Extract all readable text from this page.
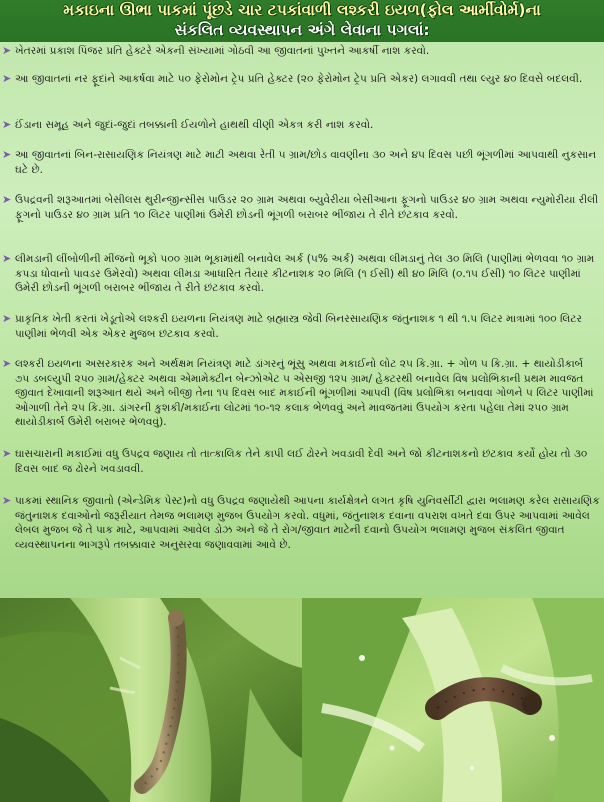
મકાઇના ઊભા પાકમાં પૂંછડે ચાર ટપકાંવાળી લશ્કરી ઇયળ(ફોલ આર્મીવોર્મ)ના
સંકલિત વ્યવસ્થાપન અંગે લેવાના પગલાં:
➤ ખેતરમાં પ્રકાશ પિંજર પ્રતિ હેક્ટરે એકની સંખ્યામાં ગોઠવી આ જીવાતનાં પુખ્તને આકર્ષી નાશ કરવો.
➤ આ જીવાતનાં નર ફૂદાંને આકર્ષવા માટે ૫૦ ફેરોમોન ટ્રેપ પ્રતિ હેક્ટર (૨૦ ફેરોમોન ટ્રેપ પ્રતિ એકર) લગાવવી તથા લ્યુર ૪૦ દિવસે બદલવી.
➤ ઈંડાના સમૂહ અને જુદાં-જુદાં તબક્કાની ઈયળોને હાથથી વીણી એકત્ર કરી નાશ કરવો.
➤ આ જીવાતનાં બિન-રાસાયણિક નિયંત્રણ માટે માટી અથવા રેતી ૫ ગ્રામ/છોડ વાવણીના ૩૦ અને ૪૫ દિવસ પછી ભૂંગળીમાં આપવાથી નુકસાન ઘટે છે.
➤ ઉપદ્રવની શરૂઆતમાં બેસીલસ થુરીન્જીન્સીસ પાઉડર ૨૦ ગ્રામ અથવા બ્યુવેરીયા બેસીઆના ફૂગનો પાઉડર ૪૦ ગ્રામ અથવા ન્યુમોરીયા રીલી ફૂગનો પાઉડર ૪૦ ગ્રામ પ્રતિ ૧૦ લિટર પાણીમાં ઉમેરી છોડની ભૂંગળી બરાબર ભીંજાય તે રીતે છંટકાવ કરવો.
➤ લીમડાની લીંબોળીની મીંજનો ભૂકો ૫૦૦ ગ્રામ ભૂકામાંથી બનાવેલ અર્ક (૫% અર્ક) અથવા લીમડાનું તેલ ૩૦ મિલિ (પાણીમાં ભેળવવા ૧૦ ગ્રામ કપડા ધોવાનો પાવડર ઉમેરવો) અથવા લીમડા આધારિત તૈયાર કીટનાશક ૨૦ મિલિ (૧ ઈસી) થી ૪૦ મિલિ (૦.૧૫ ઈસી) ૧૦ લિટર પાણીમાં ઉમેરી છોડની ભૂંગળી બરાબર ભીંજાય તે રીતે છંટકાવ કરવો.
➤ પ્રાકૃતિક ખેતી કરતાં ખેડૂતોએ લશ્કરી ઇયળના નિયંત્રણ માટે બ્રહ્માસ્ત્ર જેવી બિનરસાયણિક જંતુનાશક ૧ થી ૧.૫ લિટર માત્રામાં ૧૦૦ લિટર પાણીમાં ભેળવી એક એકર મુજબ છંટકાવ કરવો.
➤ લશ્કરી ઇયળના અસરકારક અને અર્થક્ષમ નિયંત્રણ માટે ડાંગરનું ભૂંસુ અથવા મકાઈનો લોટ ૨૫ કિ.ગ્રા. + ગોળ ૫ કિ.ગ્રા. + થાયોડીકાર્બ ૭૫ ડબલ્યુપી ૨૫૦ ગ્રામ/હેક્ટર અથવા એમામેક્ટીન બેન્ઝોએટ ૫ એસજી ૧૨૫ ગ્રામ/ હેક્ટરથી બનાવેલ વિષ પ્રલોભિકાની પ્રથમ માવજત જીવાત દેખાવાની શરૂઆત થયે અને બીજી તેના ૧૫ દિવસ બાદ મકાઈની ભૂંગળીમાં આપવી (વિષ પ્રલોભિકા બનાવવા ગોળને ૫ લિટર પાણીમાં ઓગાળી તેને ૨૫ કિ.ગ્રા. ડાંગરની કુશકી/મકાઈના લોટમાં ૧૦-૧૨ કલાક ભેળવવું અને માવજતમાં ઉપયોગ કરતા પહેલા તેમાં ૨૫૦ ગ્રામ થાયોડીકાર્બ ઉમેરી બરાબર ભેળવવું).
➤ ઘાસચારાની મકાઈમાં વધુ ઉપદ્રવ જણાય તો તાત્કાલિક તેને કાપી લઈ ઢોરને ખવડાવી દેવી અને જો કીટનાશકનો છંટકાવ કર્યો હોય તો ૩૦ દિવસ બાદ જ ઢોરને ખવડાવવી.
➤ પાકમાં સ્થાનિક જીવાતો (એન્ડેમિક પેસ્ટ)નો વધુ ઉપદ્રવ જણાયેથી આપના કાર્યક્ષેત્રને લગત કૃષિ યુનિવર્સીટી દ્વારા ભલામણ કરેલ રાસાયણિક જંતુનાશક દવાઓનો જરૂરીયાત તેમજ ભલામણ મુજબ ઉપયોગ કરવો. વધુમાં, જંતુનાશક દવાના વપરાશ વખતે દવા ઉપર આપવામાં આવેલ લેબલ મુજબ જે તે પાક માટે, આપવામાં આવેલ ડોઝ અને જે તે રોગ/જીવાત માટેની દવાનો ઉપયોગ ભલામણ મુજબ સંકલિત જીવાત વ્યવસ્થાપનના ભાગરૂપે તબક્કાવાર અનુસરવા જણાવવામાં આવે છે.
